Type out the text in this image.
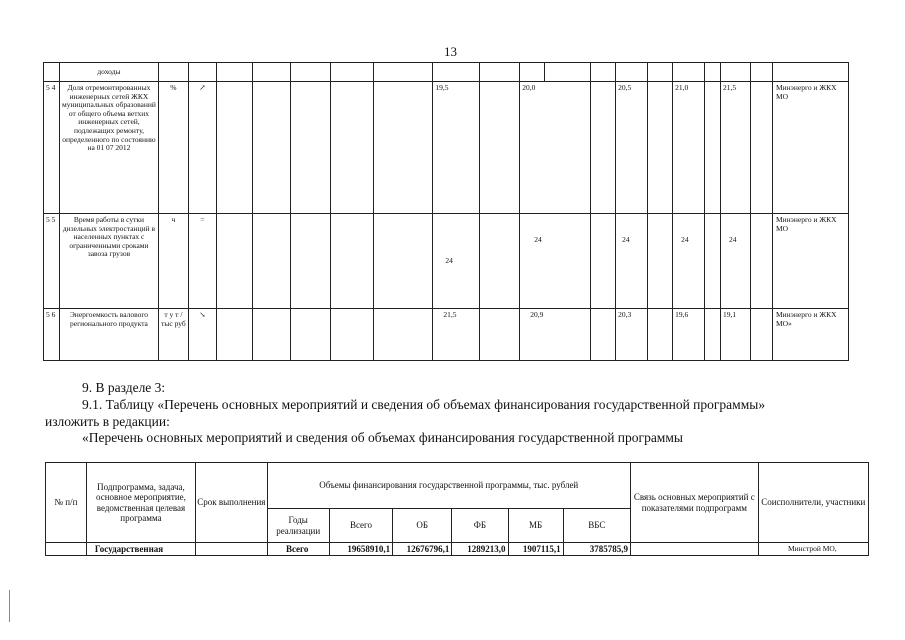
13
	доходы																			
5 4	Доля отремонтированных инженерных сетей ЖКХ муниципальных образований от общего объема ветхих инженерных сетей, подлежащих ремонту, определенного по состоянию на 01 07 2012	%	↗						19,5		20,0			20,5		21,0		21,5		Минэнерго и ЖКХ МО
5 5	Время работы в сутки дизельных электростанций в населенных пунктах с ограниченными сроками завоза грузов	ч	=						24		24			24		24		24		Минэнерго и ЖКХ МО
5 6	Энергоемкость валового регионального продукта	т у т / тыс руб	↘						21,5		20,9			20,3		19,6		19,1		Минэнерго и ЖКХ МО»
9. В разделе 3:
9.1. Таблицу «Перечень основных мероприятий и сведения об объемах финансирования государственной программы»
изложить в редакции:
«Перечень основных мероприятий и сведения об объемах финансирования государственной программы
№ п/п	Подпрограмма, задача, основное мероприятие, ведомственная целевая программа	Срок выполнения	Объемы финансирования государственной программы, тыс. рублей						Связь основных мероприятий с показателями подпрограмм	Соисполнители, участники
			Годы реализации	Всего	ОБ	ФБ	МБ	ВБС		
	Государственная		Всего	19658910,1	12676796,1	1289213,0	1907115,1	3785785,9		Минстрой МО,
